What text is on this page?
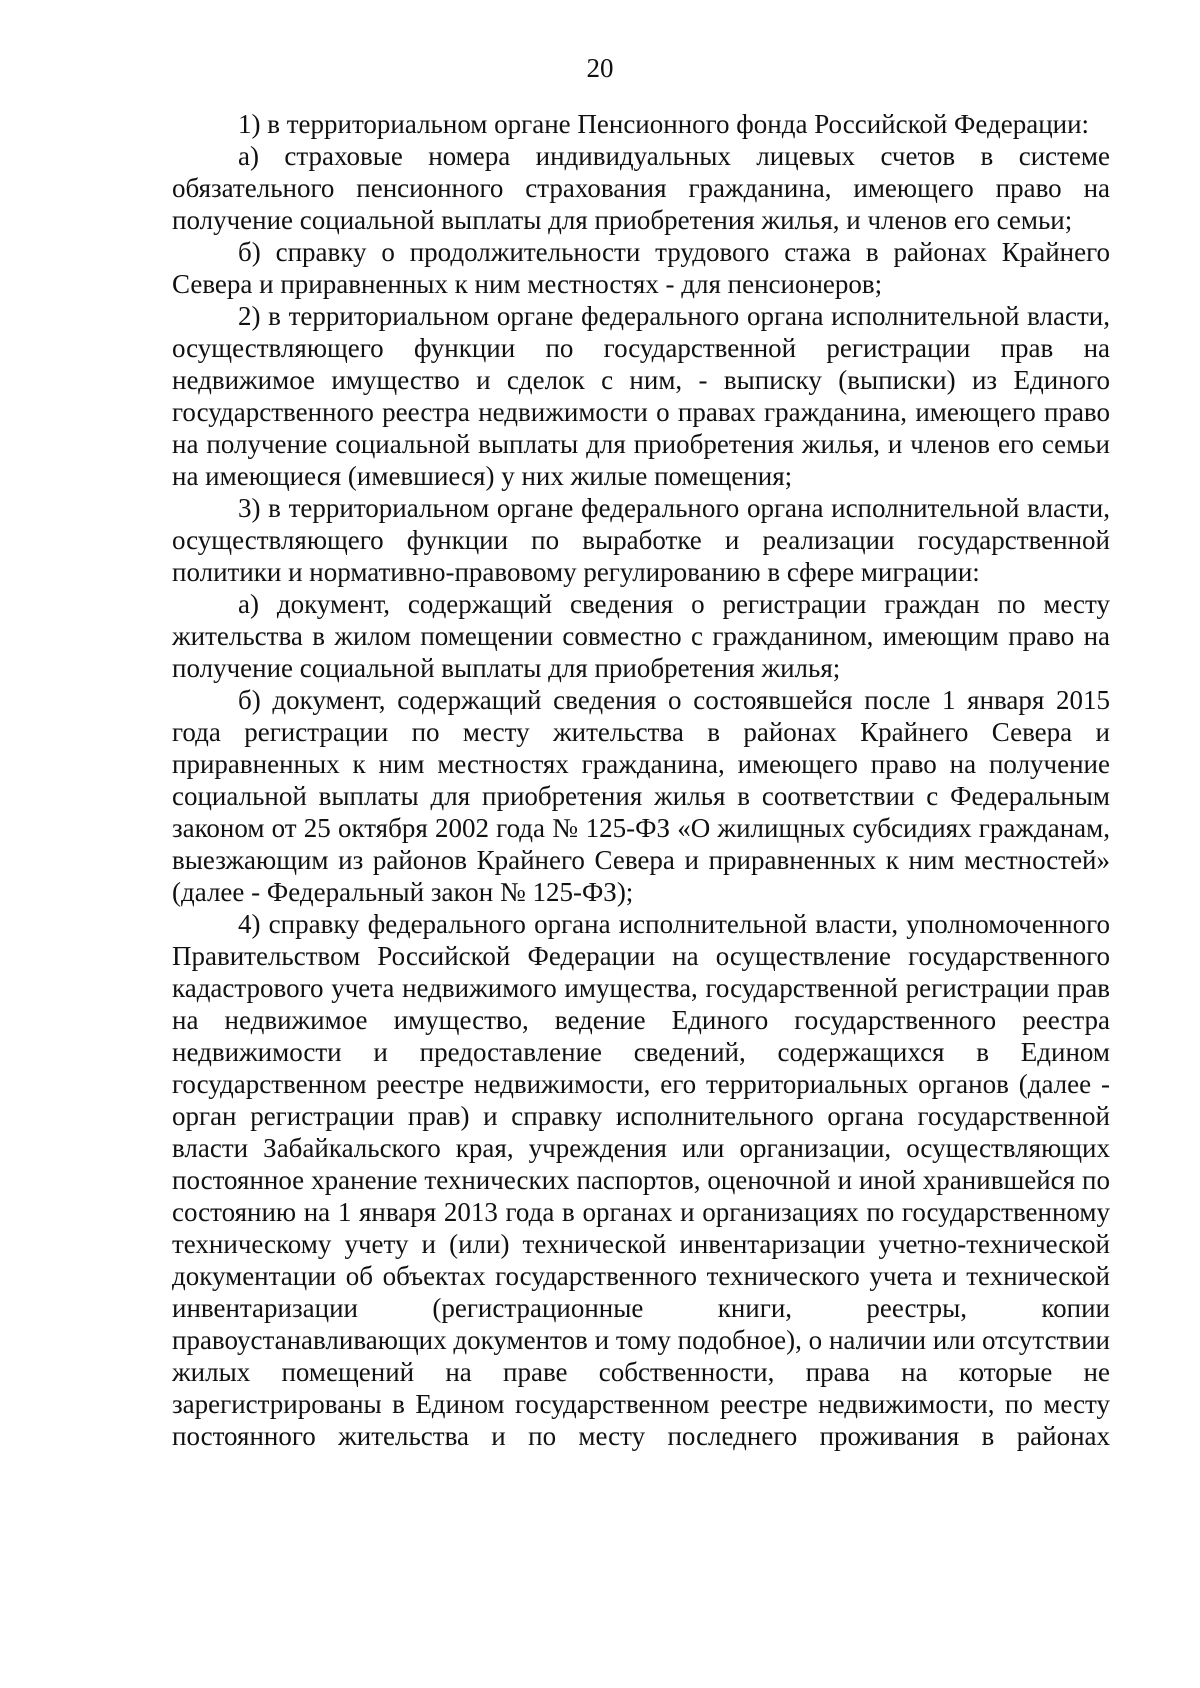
20

1) в территориальном органе Пенсионного фонда Российской Федерации:

а) страховые номера индивидуальных лицевых счетов в системе обязательного пенсионного страхования гражданина, имеющего право на получение социальной выплаты для приобретения жилья, и членов его семьи;

б) справку о продолжительности трудового стажа в районах Крайнего Севера и приравненных к ним местностях - для пенсионеров;

2) в территориальном органе федерального органа исполнительной власти, осуществляющего функции по государственной регистрации прав на недвижимое имущество и сделок с ним, - выписку (выписки) из Единого государственного реестра недвижимости о правах гражданина, имеющего право на получение социальной выплаты для приобретения жилья, и членов его семьи на имеющиеся (имевшиеся) у них жилые помещения;

3) в территориальном органе федерального органа исполнительной власти, осуществляющего функции по выработке и реализации государственной политики и нормативно-правовому регулированию в сфере миграции:

а) документ, содержащий сведения о регистрации граждан по месту жительства в жилом помещении совместно с гражданином, имеющим право на получение социальной выплаты для приобретения жилья;

б) документ, содержащий сведения о состоявшейся после 1 января 2015 года регистрации по месту жительства в районах Крайнего Севера и приравненных к ним местностях гражданина, имеющего право на получение социальной выплаты для приобретения жилья в соответствии с Федеральным законом от 25 октября 2002 года № 125-ФЗ «О жилищных субсидиях гражданам, выезжающим из районов Крайнего Севера и приравненных к ним местностей» (далее - Федеральный закон № 125-ФЗ);

4) справку федерального органа исполнительной власти, уполномоченного Правительством Российской Федерации на осуществление государственного кадастрового учета недвижимого имущества, государственной регистрации прав на недвижимое имущество, ведение Единого государственного реестра недвижимости и предоставление сведений, содержащихся в Едином государственном реестре недвижимости, его территориальных органов (далее - орган регистрации прав) и справку исполнительного органа государственной власти Забайкальского края, учреждения или организации, осуществляющих постоянное хранение технических паспортов, оценочной и иной хранившейся по состоянию на 1 января 2013 года в органах и организациях по государственному техническому учету и (или) технической инвентаризации учетно-технической документации об объектах государственного технического учета и технической инвентаризации (регистрационные книги, реестры, копии правоустанавливающих документов и тому подобное), о наличии или отсутствии жилых помещений на праве собственности, права на которые не зарегистрированы в Едином государственном реестре недвижимости, по месту постоянного жительства и по месту последнего проживания в районах
